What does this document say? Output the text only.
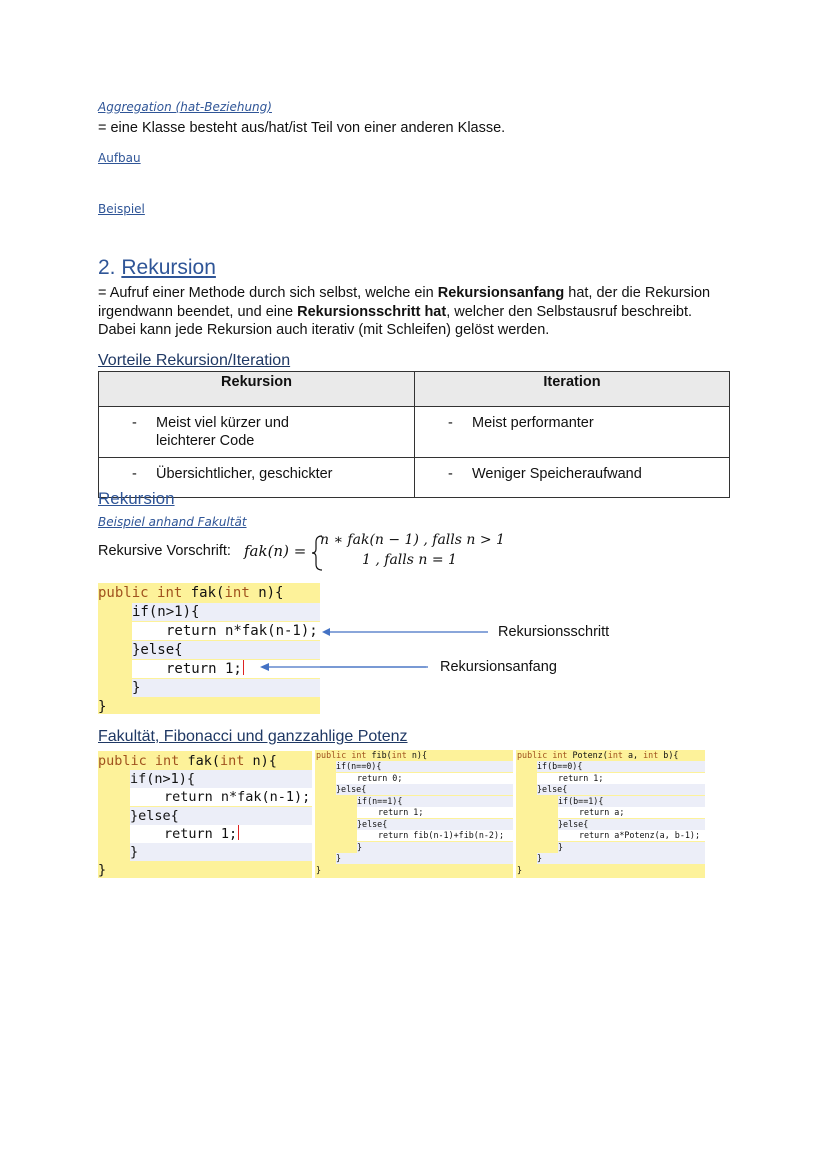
Aggregation (hat-Beziehung)
= eine Klasse besteht aus/hat/ist Teil von einer anderen Klasse.
Aufbau
Beispiel
2. Rekursion
= Aufruf einer Methode durch sich selbst, welche ein Rekursionsanfang hat, der die Rekursion irgendwann beendet, und eine Rekursionsschritt hat, welcher den Selbstausruf beschreibt. Dabei kann jede Rekursion auch iterativ (mit Schleifen) gelöst werden.
Vorteile Rekursion/Iteration
Rekursion	Iteration

- Meist viel kürzer und leichterer Code	- Meist performanter

- Übersichtlicher, geschickter	- Weniger Speicheraufwand
Rekursion
Beispiel anhand Fakultät
Rekursive Vorschrift: fak(n) =
n ∗ fak(n − 1) , falls n > 1
1 , falls n = 1
public int fak(int n){
if(n>1){
return n*fak(n-1);
}else{
return 1;
}
}
Rekursionsschritt
Rekursionsanfang
Fakultät, Fibonacci und ganzzahlige Potenz
public int fak(int n){
if(n>1){
return n*fak(n-1);
}else{
return 1;
}
}
public int fib(int n){
if(n==0){
return 0;
}else{
if(n==1){
return 1;
}else{
return fib(n-1)+fib(n-2);
}
}
}
public int Potenz(int a, int b){
if(b==0){
return 1;
}else{
if(b==1){
return a;
}else{
return a*Potenz(a, b-1);
}
}
}
